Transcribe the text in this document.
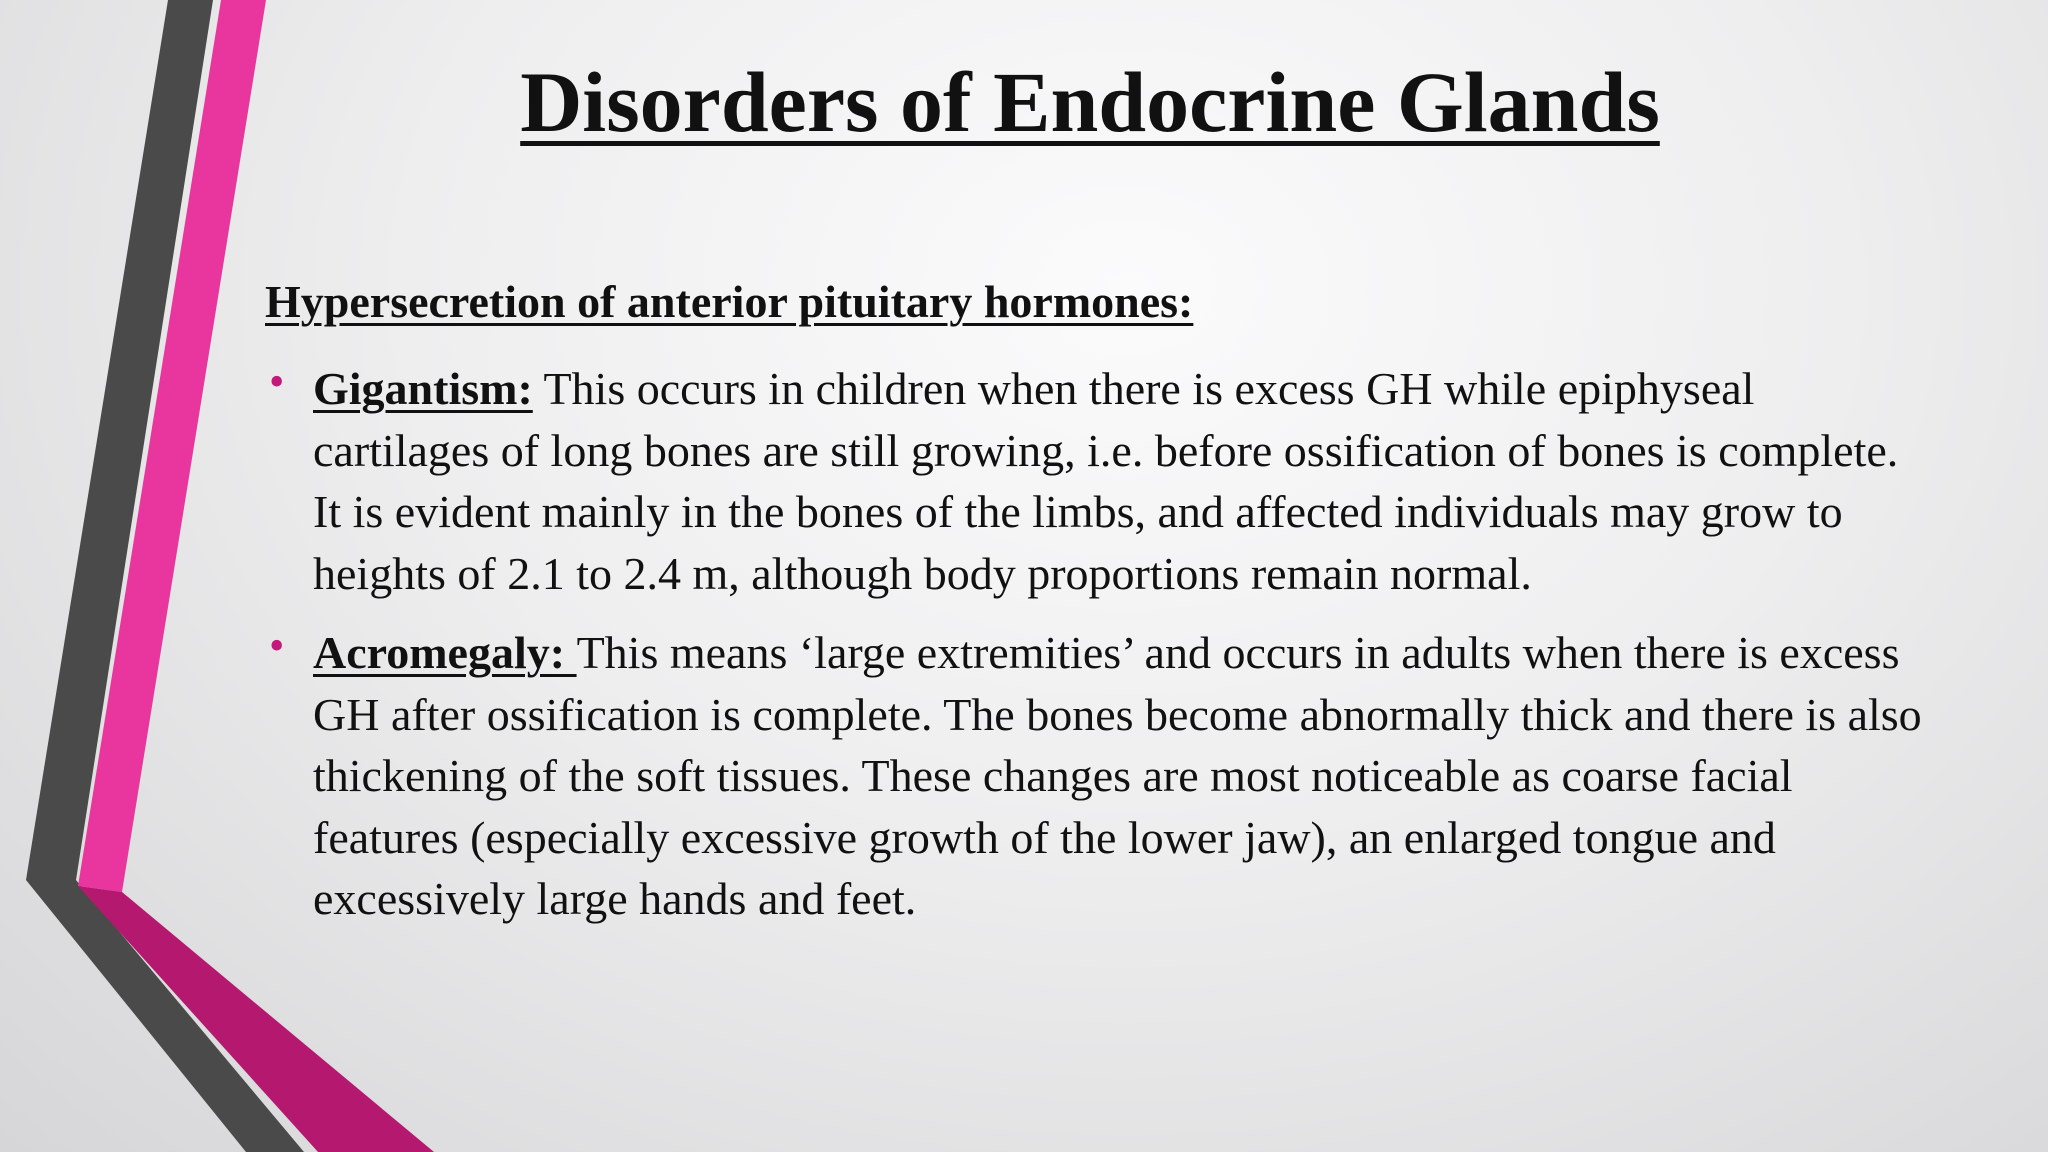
Disorders of Endocrine Glands
Hypersecretion of anterior pituitary hormones:
• Gigantism: This occurs in children when there is excess GH while epiphyseal cartilages of long bones are still growing, i.e. before ossification of bones is complete. It is evident mainly in the bones of the limbs, and affected individuals may grow to heights of 2.1 to 2.4 m, although body proportions remain normal.
• Acromegaly: This means ‘large extremities’ and occurs in adults when there is excess GH after ossification is complete. The bones become abnormally thick and there is also thickening of the soft tissues. These changes are most noticeable as coarse facial features (especially excessive growth of the lower jaw), an enlarged tongue and excessively large hands and feet.
